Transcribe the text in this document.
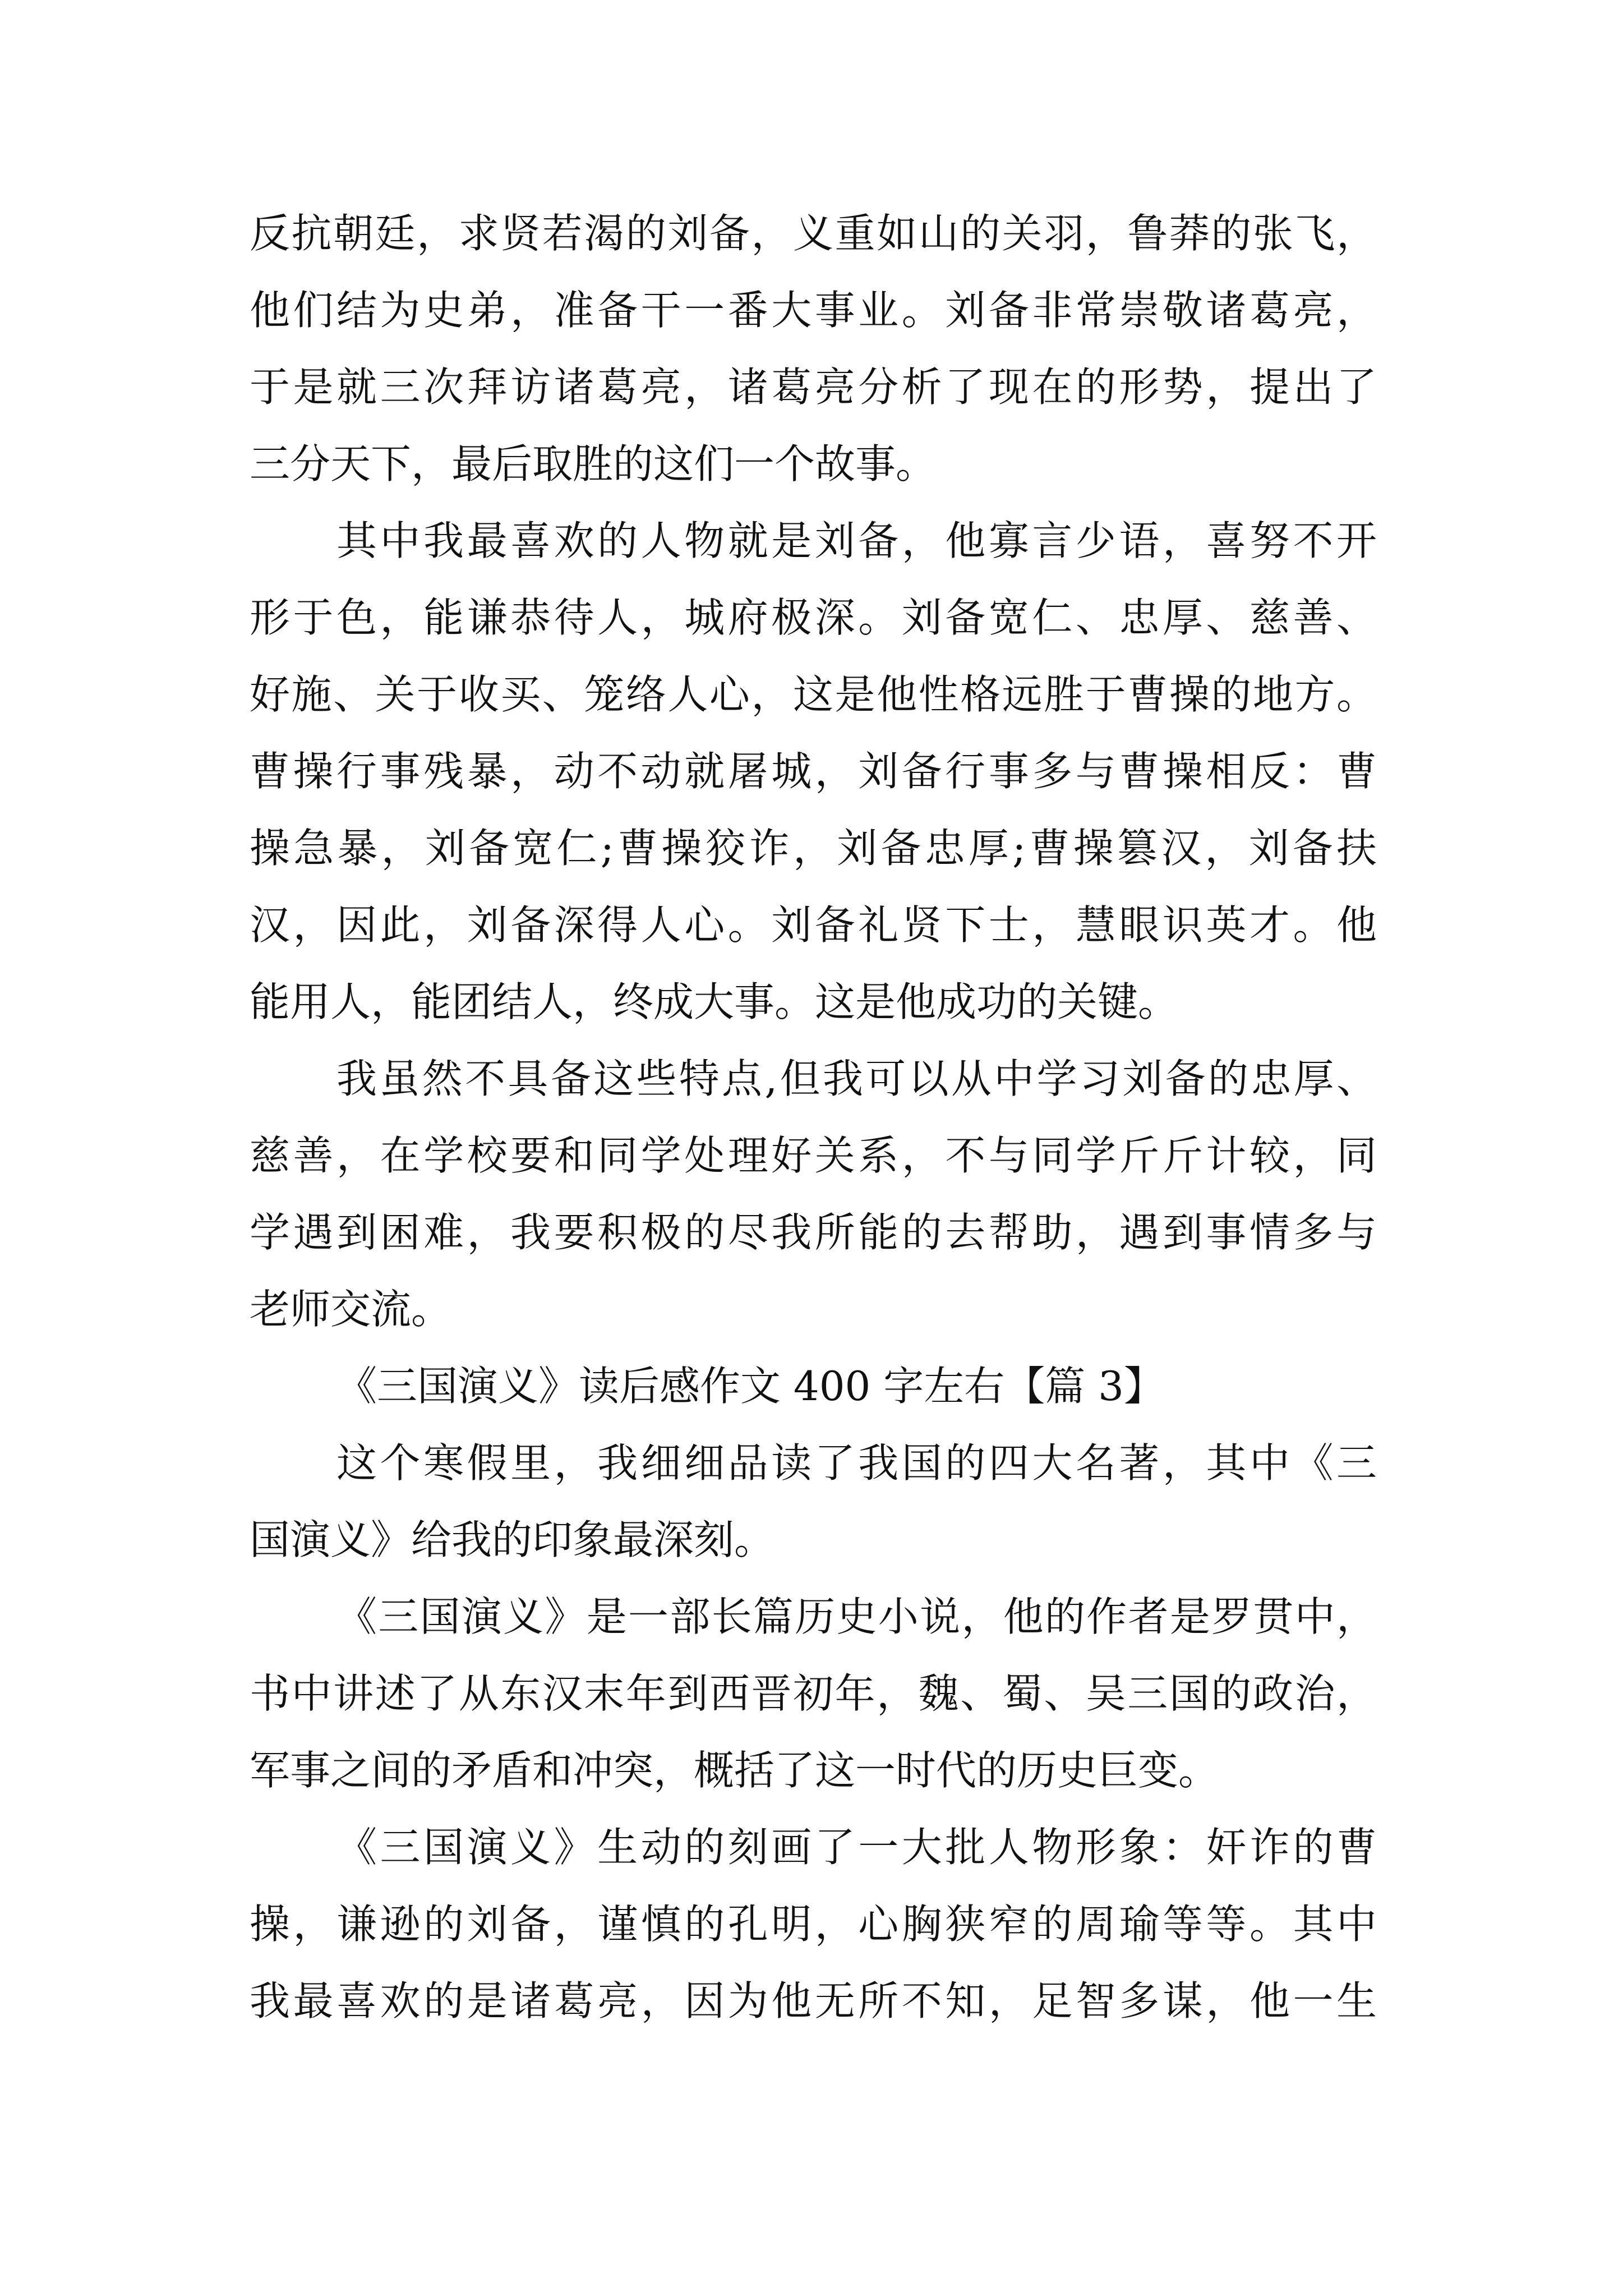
反抗朝廷，求贤若渴的刘备，义重如山的关羽，鲁莽的张飞，
他们结为史弟，准备干一番大事业。刘备非常崇敬诸葛亮，
于是就三次拜访诸葛亮，诸葛亮分析了现在的形势，提出了
三分天下，最后取胜的这们一个故事。
其中我最喜欢的人物就是刘备，他寡言少语，喜努不开
形于色，能谦恭待人，城府极深。刘备宽仁、忠厚、慈善、
好施、关于收买、笼络人心，这是他性格远胜于曹操的地方。
曹操行事残暴，动不动就屠城，刘备行事多与曹操相反：曹
操急暴，刘备宽仁;曹操狡诈，刘备忠厚;曹操篡汉，刘备扶
汉，因此，刘备深得人心。刘备礼贤下士，慧眼识英才。他
能用人，能团结人，终成大事。这是他成功的关键。
我虽然不具备这些特点,但我可以从中学习刘备的忠厚、
慈善，在学校要和同学处理好关系，不与同学斤斤计较，同
学遇到困难，我要积极的尽我所能的去帮助，遇到事情多与
老师交流。
《三国演义》读后感作文 400 字左右【篇 3】
这个寒假里，我细细品读了我国的四大名著，其中《三
国演义》给我的印象最深刻。
《三国演义》是一部长篇历史小说，他的作者是罗贯中，
书中讲述了从东汉末年到西晋初年，魏、蜀、吴三国的政治，
军事之间的矛盾和冲突，概括了这一时代的历史巨变。
《三国演义》生动的刻画了一大批人物形象：奸诈的曹
操，谦逊的刘备，谨慎的孔明，心胸狭窄的周瑜等等。其中
我最喜欢的是诸葛亮，因为他无所不知，足智多谋，他一生
